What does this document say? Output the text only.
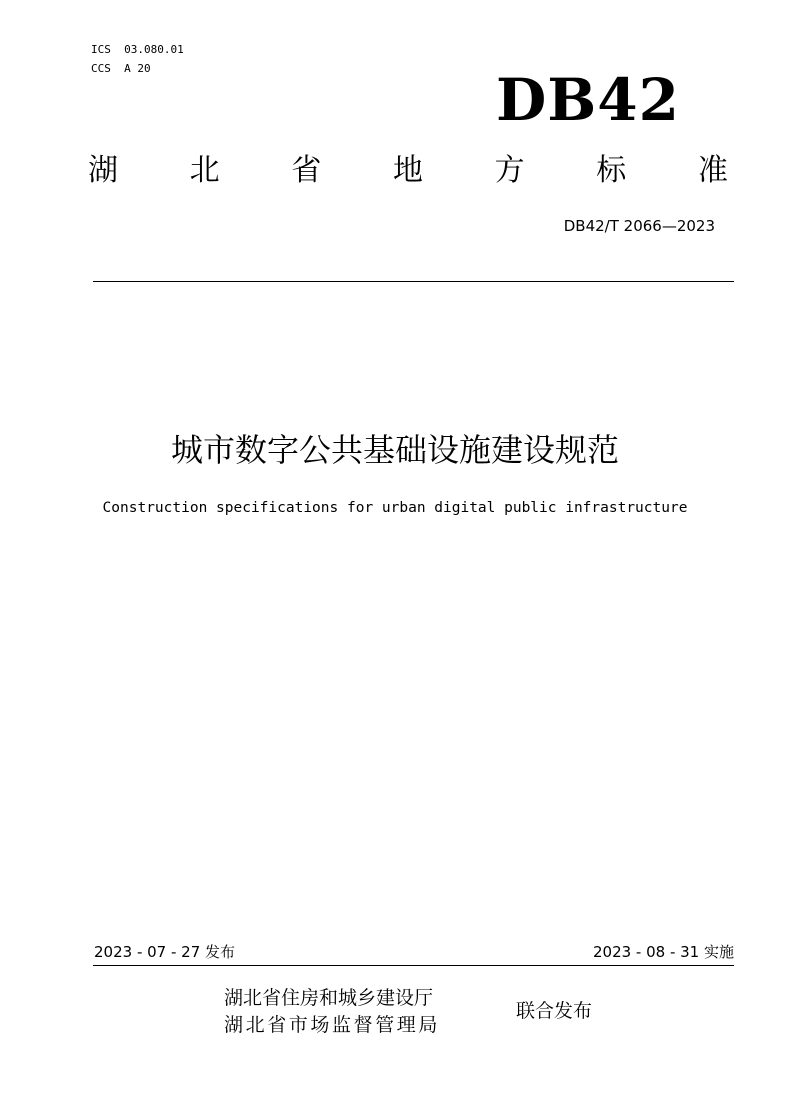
ICS  03.080.01
CCS  A 20	DB42
湖 北 省 地 方 标 准
DB42/T 2066—2023
城市数字公共基础设施建设规范
Construction specifications for urban digital public infrastructure
2023 - 07 - 27 发布	2023 - 08 - 31 实施
湖北省住房和城乡建设厅
湖北省市场监督管理局
联合发布
